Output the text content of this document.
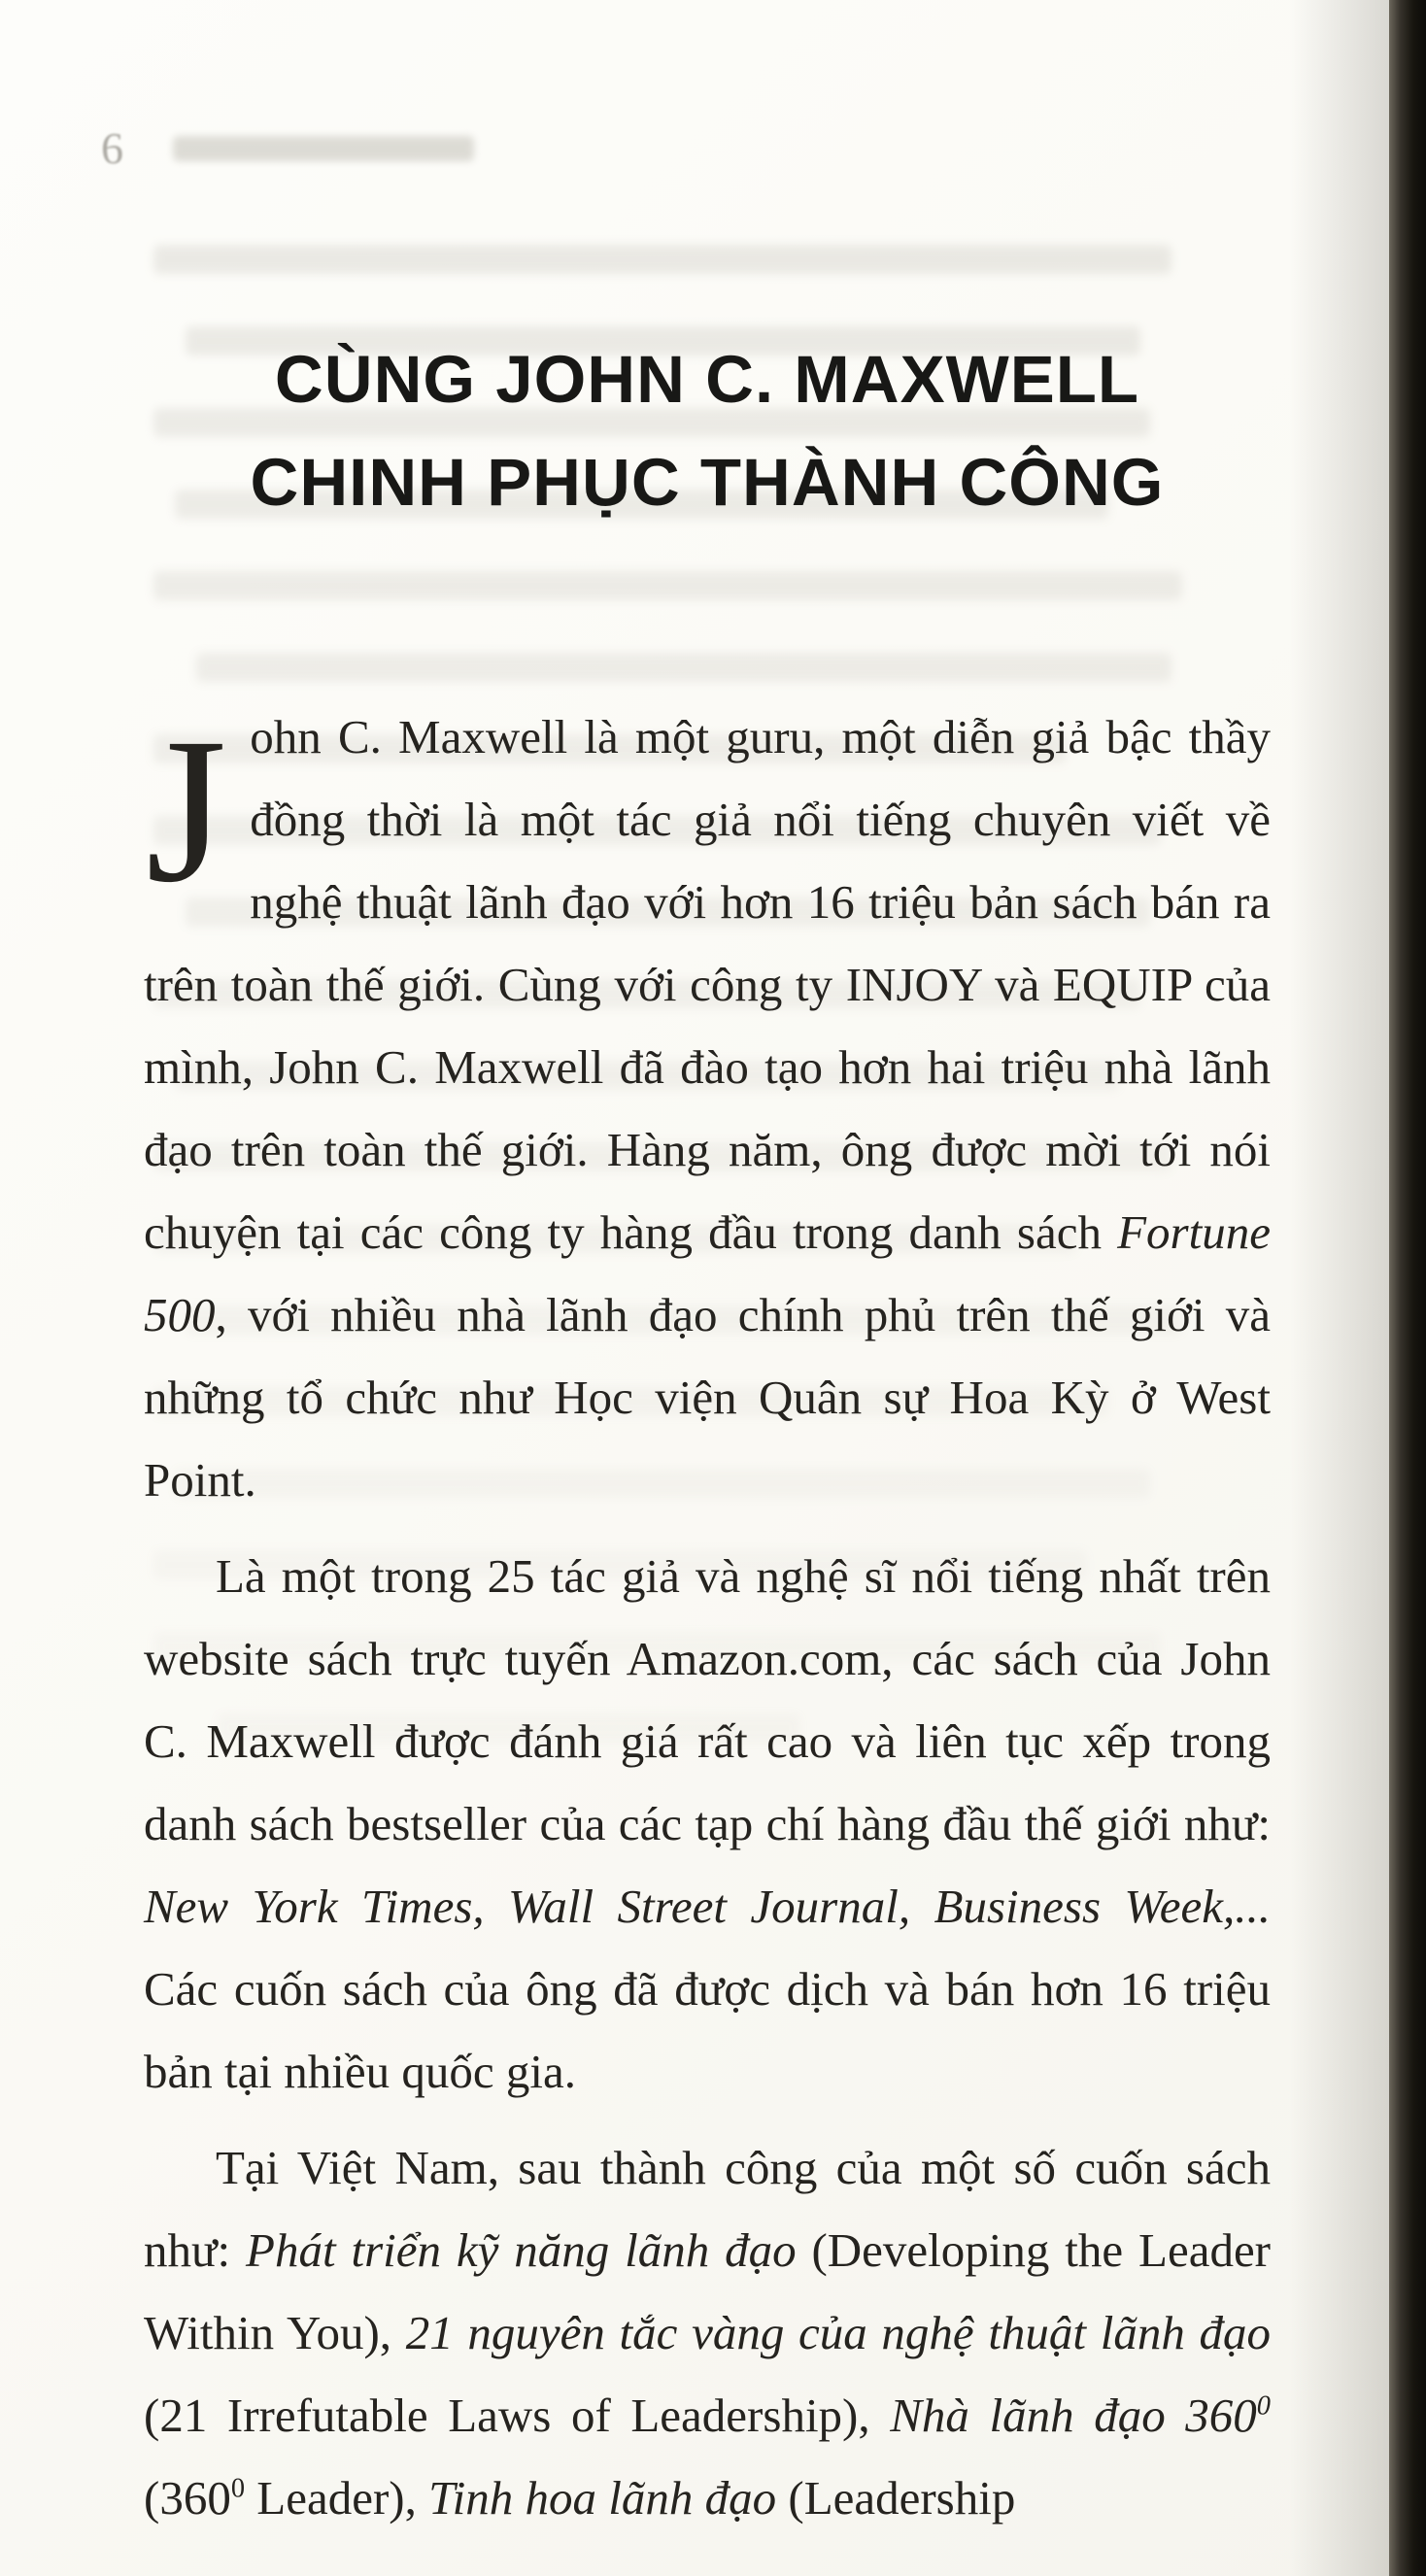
6
CÙNG JOHN C. MAXWELL
CHINH PHỤC THÀNH CÔNG

John C. Maxwell là một guru, một diễn giả bậc thầy đồng thời là một tác giả nổi tiếng chuyên viết về nghệ thuật lãnh đạo với hơn 16 triệu bản sách bán ra trên toàn thế giới. Cùng với công ty INJOY và EQUIP của mình, John C. Maxwell đã đào tạo hơn hai triệu nhà lãnh đạo trên toàn thế giới. Hàng năm, ông được mời tới nói chuyện tại các công ty hàng đầu trong danh sách Fortune 500, với nhiều nhà lãnh đạo chính phủ trên thế giới và những tổ chức như Học viện Quân sự Hoa Kỳ ở West Point.

Là một trong 25 tác giả và nghệ sĩ nổi tiếng nhất trên website sách trực tuyến Amazon.com, các sách của John C. Maxwell được đánh giá rất cao và liên tục xếp trong danh sách bestseller của các tạp chí hàng đầu thế giới như: New York Times, Wall Street Journal, Business Week,... Các cuốn sách của ông đã được dịch và bán hơn 16 triệu bản tại nhiều quốc gia.

Tại Việt Nam, sau thành công của một số cuốn sách như: Phát triển kỹ năng lãnh đạo (Developing the Leader Within You), 21 nguyên tắc vàng của nghệ thuật lãnh đạo (21 Irrefutable Laws of Leadership), Nhà lãnh đạo $360^0$ ($360^0$ Leader), Tinh hoa lãnh đạo (Leadership
